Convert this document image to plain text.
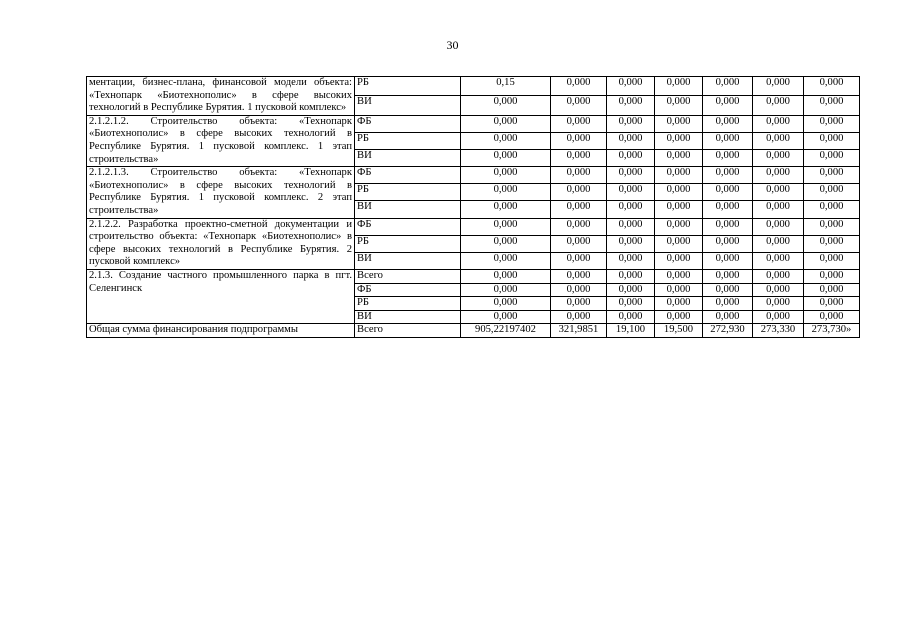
30
ментации, бизнес-плана, финансовой модели объекта: «Технопарк «Биотехнополис» в сфере высоких технологий в Республике Бурятия. 1 пусковой комплекс»	РБ	0,15	0,000	0,000	0,000	0,000	0,000	0,000
	ВИ	0,000	0,000	0,000	0,000	0,000	0,000	0,000
2.1.2.1.2. Строительство объекта: «Технопарк «Биотехнополис» в сфере высоких технологий в Республике Бурятия. 1 пусковой комплекс. 1 этап строительства»	ФБ	0,000	0,000	0,000	0,000	0,000	0,000	0,000
	РБ	0,000	0,000	0,000	0,000	0,000	0,000	0,000
	ВИ	0,000	0,000	0,000	0,000	0,000	0,000	0,000
2.1.2.1.3. Строительство объекта: «Технопарк «Биотехнополис» в сфере высоких технологий в Республике Бурятия. 1 пусковой комплекс. 2 этап строительства»	ФБ	0,000	0,000	0,000	0,000	0,000	0,000	0,000
	РБ	0,000	0,000	0,000	0,000	0,000	0,000	0,000
	ВИ	0,000	0,000	0,000	0,000	0,000	0,000	0,000
2.1.2.2. Разработка проектно-сметной документации и строительство объекта: «Технопарк «Биотехнополис» в сфере высоких технологий в Республике Бурятия. 2 пусковой комплекс»	ФБ	0,000	0,000	0,000	0,000	0,000	0,000	0,000
	РБ	0,000	0,000	0,000	0,000	0,000	0,000	0,000
	ВИ	0,000	0,000	0,000	0,000	0,000	0,000	0,000
2.1.3. Создание частного промышленного парка в пгт. Селенгинск	Всего	0,000	0,000	0,000	0,000	0,000	0,000	0,000
	ФБ	0,000	0,000	0,000	0,000	0,000	0,000	0,000
	РБ	0,000	0,000	0,000	0,000	0,000	0,000	0,000
	ВИ	0,000	0,000	0,000	0,000	0,000	0,000	0,000
Общая сумма финансирования подпрограммы	Всего	905,22197402	321,9851	19,100	19,500	272,930	273,330	273,730»
